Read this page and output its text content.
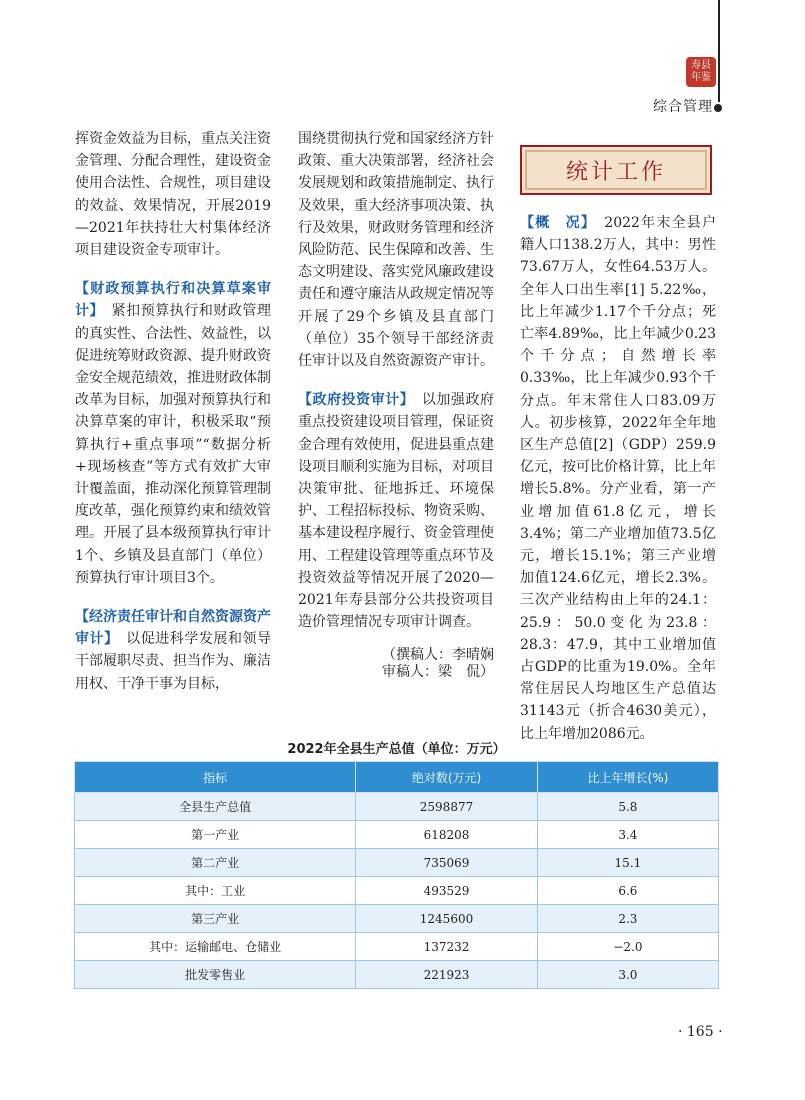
寿县
年鉴
综合管理

挥资金效益为目标，重点关注资金管理、分配合理性，建设资金使用合法性、合规性，项目建设的效益、效果情况，开展2019—2021年扶持壮大村集体经济项目建设资金专项审计。

【财政预算执行和决算草案审计】　 紧扣预算执行和财政管理的真实性、合法性、效益性，以促进统筹财政资源、提升财政资金安全规范绩效，推进财政体制改革为目标，加强对预算执行和决算草案的审计，积极采取“预算执行+重点事项”“数据分析+现场核查”等方式有效扩大审计覆盖面，推动深化预算管理制度改革，强化预算约束和绩效管理。开展了县本级预算执行审计1个、乡镇及县直部门（单位）预算执行审计项目3个。

【经济责任审计和自然资源资产审计】　 以促进科学发展和领导干部履职尽责、担当作为、廉洁用权、干净干事为目标，

围绕贯彻执行党和国家经济方针政策、重大决策部署，经济社会发展规划和政策措施制定、执行及效果，重大经济事项决策、执行及效果，财政财务管理和经济风险防范、民生保障和改善、生态文明建设、落实党风廉政建设责任和遵守廉洁从政规定情况等开展了29个乡镇及县直部门（单位）35个领导干部经济责任审计以及自然资源资产审计。

【政府投资审计】　 以加强政府重点投资建设项目管理，保证资金合理有效使用，促进县重点建设项目顺利实施为目标，对项目决策审批、征地拆迁、环境保护、工程招标投标、物资采购、基本建设程序履行、资金管理使用、工程建设管理等重点环节及投资效益等情况开展了2020—2021年寿县部分公共投资项目造价管理情况专项审计调查。

（撰稿人：李晴娴
审稿人：梁　侃）
统计工作

【概　况】　 2022年末全县户籍人口138.2万人，其中：男性73.67万人，女性64.53万人。全年人口出生率[1] 5.22‰，比上年减少1.17个千分点；死亡率4.89‰，比上年减少0.23个千分点；自然增长率0.33‰，比上年减少0.93个千分点。年末常住人口83.09万人。初步核算，2022年全年地区生产总值[2]（GDP）259.9亿元，按可比价格计算，比上年增长5.8%。分产业看，第一产业增加值61.8亿元，增长3.4%；第二产业增加值73.5亿元，增长15.1%；第三产业增加值124.6亿元，增长2.3%。三次产业结构由上年的24.1：25.9：50.0变化为23.8：28.3：47.9，其中工业增加值占GDP的比重为19.0%。全年常住居民人均地区生产总值达31143元（折合4630美元），比上年增加2086元。

2022年全县生产总值（单位：万元）
指标	绝对数(万元)	比上年增长(%)
全县生产总值	2598877	5.8
第一产业	618208	3.4
第二产业	735069	15.1
其中：工业	493529	6.6
第三产业	1245600	2.3
其中：运输邮电、仓储业	137232	−2.0
批发零售业	221923	3.0
· 165 ·
